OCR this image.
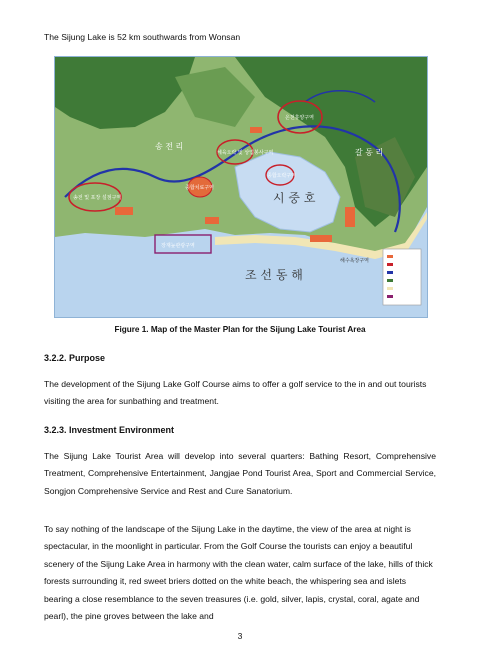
The Sijung Lake is 52 km southwards from Wonsan

시 중 호
조 선 동 해
송 전 리
갈 동 리
온천휴양구역
체육오락 및 상업봉사구역
종합오락구역
종합치료구역
송전 및 포장 설점구역
장재늪관광구역
해수욕장구역
Figure 1. Map of the Master Plan for the Sijung Lake Tourist Area
3.2.2. Purpose

The development of the Sijung Lake Golf Course aims to offer a golf service to the in and out tourists visiting the area for sunbathing and treatment.

3.2.3. Investment Environment

The Sijung Lake Tourist Area will develop into several quarters: Bathing Resort, Comprehensive Treatment, Comprehensive Entertainment, Jangjae Pond Tourist Area, Sport and Commercial Service, Songjon Comprehensive Service and Rest and Cure Sanatorium.

To say nothing of the landscape of the Sijung Lake in the daytime, the view of the area at night is spectacular, in the moonlight in particular. From the Golf Course the tourists can enjoy a beautiful scenery of the Sijung Lake Area in harmony with the clean water, calm surface of the lake, hills of thick forests surrounding it, red sweet briers dotted on the white beach, the whispering sea and islets bearing a close resemblance to the seven treasures (i.e. gold, silver, lapis, crystal, coral, agate and pearl), the pine groves between the lake and

3
